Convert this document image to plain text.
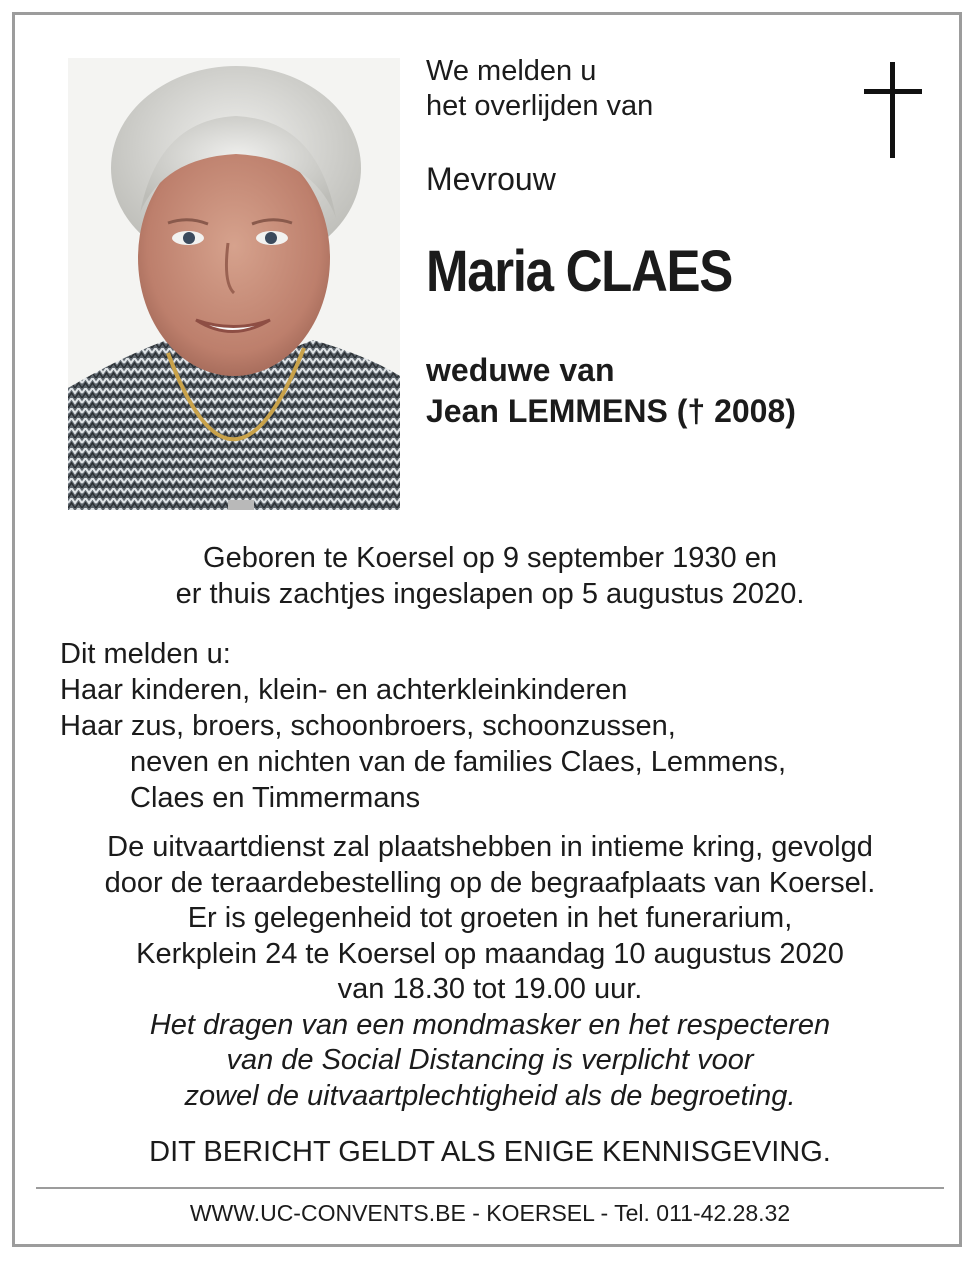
We melden u
het overlijden van
Mevrouw
Maria CLAES
weduwe van
Jean LEMMENS († 2008)
Geboren te Koersel op 9 september 1930 en
er thuis zachtjes ingeslapen op 5 augustus 2020.
Dit melden u:
Haar kinderen, klein- en achterkleinkinderen
Haar zus, broers, schoonbroers, schoonzussen,
neven en nichten van de families Claes, Lemmens,
Claes en Timmermans
De uitvaartdienst zal plaatshebben in intieme kring, gevolgd
door de teraardebestelling op de begraafplaats van Koersel.
Er is gelegenheid tot groeten in het funerarium,
Kerkplein 24 te Koersel op maandag 10 augustus 2020
van 18.30 tot 19.00 uur.
Het dragen van een mondmasker en het respecteren
van de Social Distancing is verplicht voor
zowel de uitvaartplechtigheid als de begroeting.
DIT BERICHT GELDT ALS ENIGE KENNISGEVING.
WWW.UC-CONVENTS.BE - KOERSEL - Tel. 011-42.28.32
